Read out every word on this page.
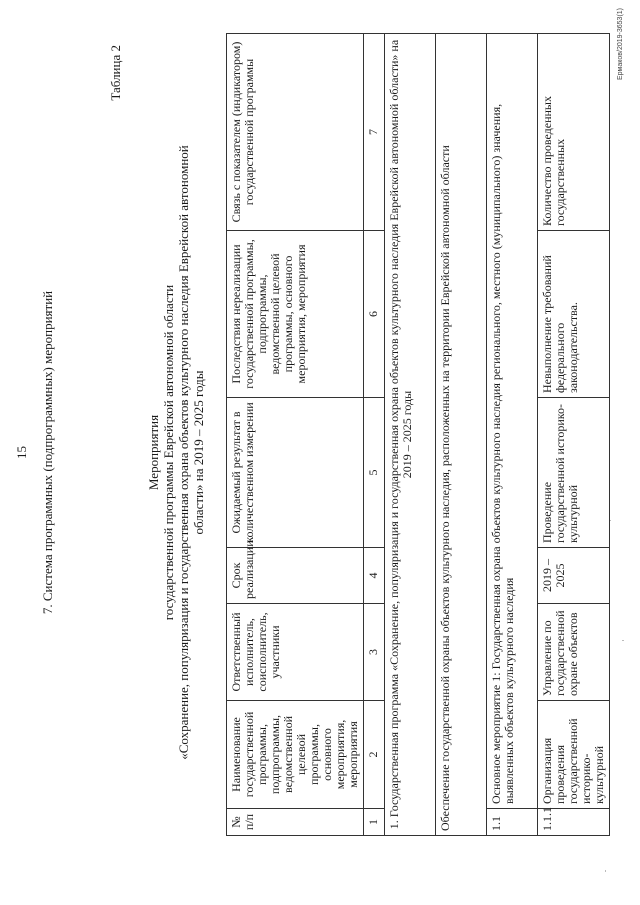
15 7. Система программных (подпрограммных) мероприятий
Таблица 2
Мероприятия государственной программы Еврейской автономной области «Сохранение, популяризация и государственная охрана объектов культурного наследия Еврейской автономной области» на 2019 – 2025 годы
№ п/п	Наименование государственной программы, подпрограммы, ведомственной целевой программы, основного мероприятия, мероприятия	Ответственный исполнитель, соисполнитель, участники	Срок реализации	Ожидаемый результат в количественном измерении	Последствия нереализации государственной программы, подпрограммы, ведомственной целевой программы, основного мероприятия, мероприятия	Связь с показателем (индикатором) государственной программы
1	2	3	4	5	6	7
1. Государственная программа «Сохранение, популяризация и государственная охрана объектов культурного наследия Еврейской автономной области» на 2019 – 2025 годы						
Обеспечение государственной охраны объектов культурного наследия, расположенных на территории Еврейской автономной области						
1.1	Основное мероприятие 1: Государственная охрана объектов культурного наследия регионального, местного (муниципального) значения, выявленных объектов культурного наследия					
1.1.1	Организация проведения государственной историко-культурной	Управление по государственной охране объектов	2019 – 2025	Проведение государственной историко-культурной	Невыполнение требований федерального законодательства.	Количество проведенных государственных
Ермаков/2019-3653(1)
